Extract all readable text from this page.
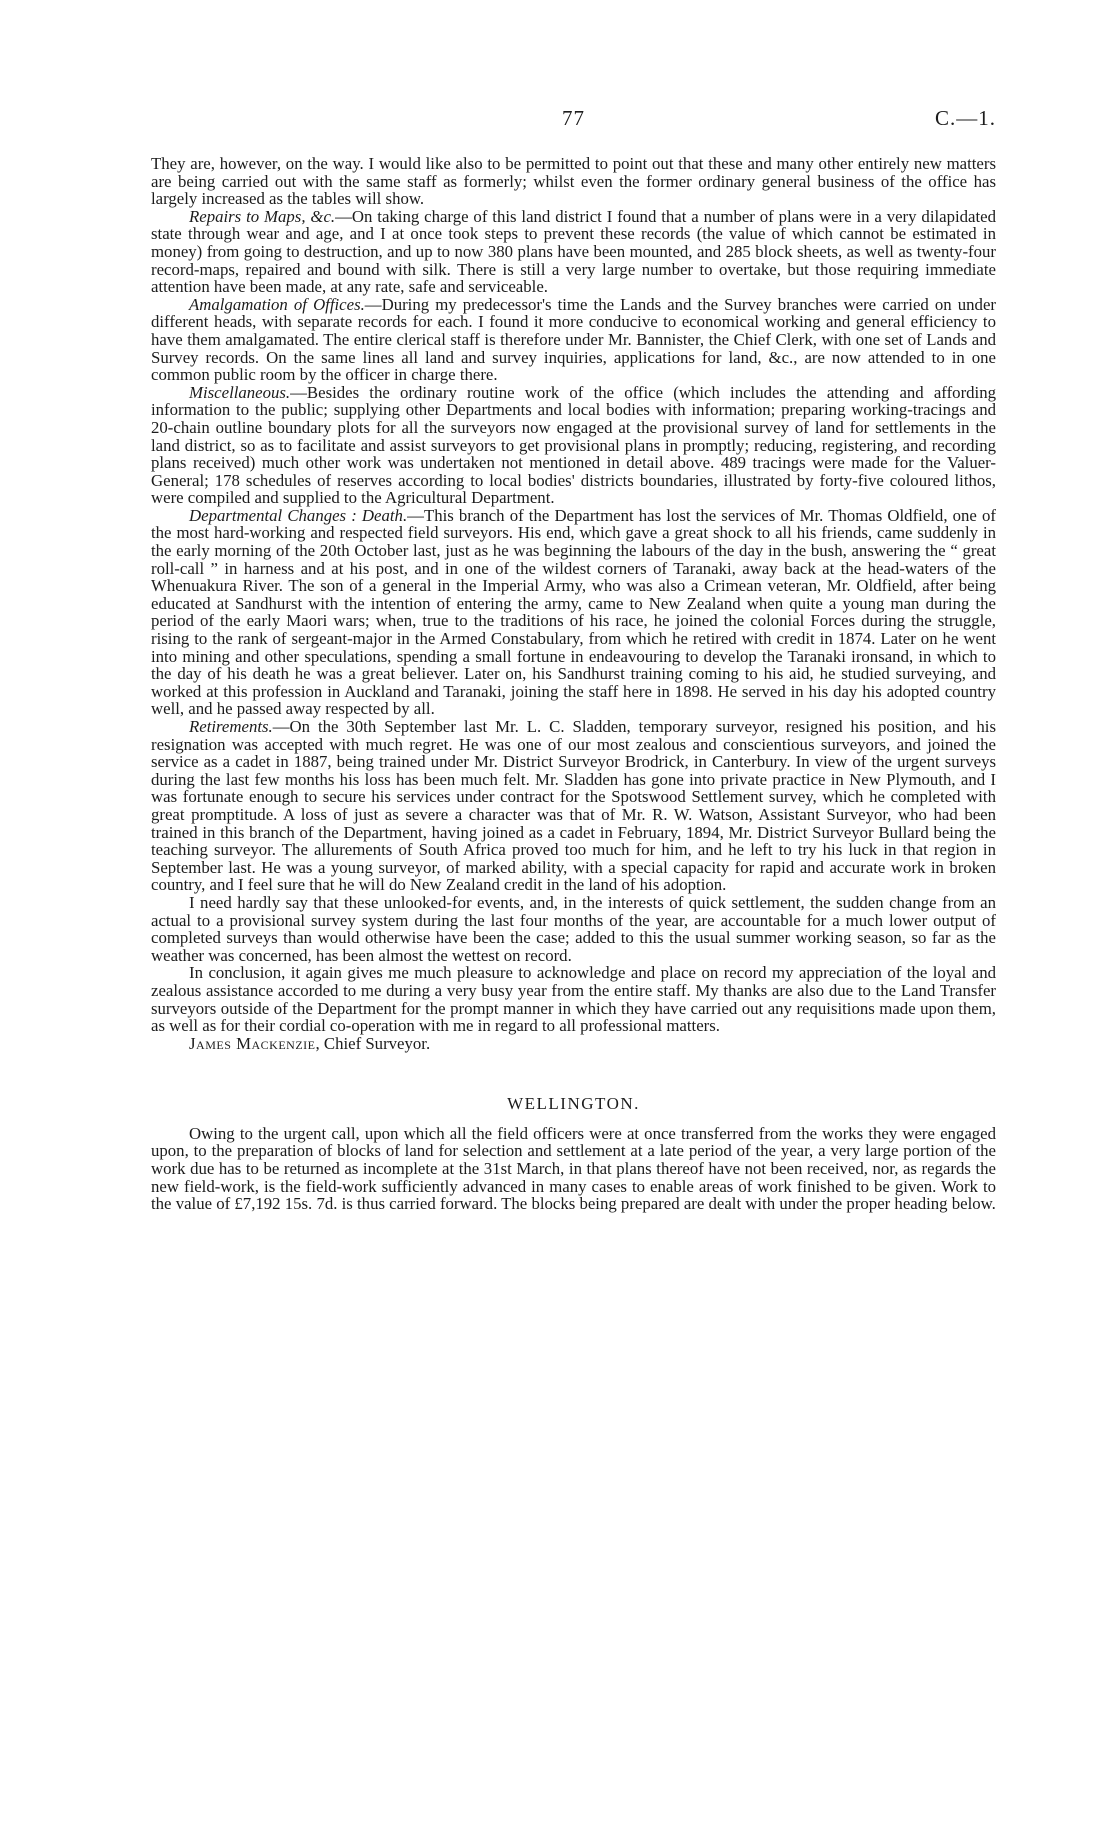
77	C.—1.

They are, however, on the way. I would like also to be permitted to point out that these and many other entirely new matters are being carried out with the same staff as formerly; whilst even the former ordinary general business of the office has largely increased as the tables will show.

Repairs to Maps, &c.—On taking charge of this land district I found that a number of plans were in a very dilapidated state through wear and age, and I at once took steps to prevent these records (the value of which cannot be estimated in money) from going to destruction, and up to now 380 plans have been mounted, and 285 block sheets, as well as twenty-four record-maps, repaired and bound with silk. There is still a very large number to overtake, but those requiring immediate attention have been made, at any rate, safe and serviceable.

Amalgamation of Offices.—During my predecessor's time the Lands and the Survey branches were carried on under different heads, with separate records for each. I found it more conducive to economical working and general efficiency to have them amalgamated. The entire clerical staff is therefore under Mr. Bannister, the Chief Clerk, with one set of Lands and Survey records. On the same lines all land and survey inquiries, applications for land, &c., are now attended to in one common public room by the officer in charge there.

Miscellaneous.—Besides the ordinary routine work of the office (which includes the attending and affording information to the public; supplying other Departments and local bodies with information; preparing working-tracings and 20-chain outline boundary plots for all the surveyors now engaged at the provisional survey of land for settlements in the land district, so as to facilitate and assist surveyors to get provisional plans in promptly; reducing, registering, and recording plans received) much other work was undertaken not mentioned in detail above. 489 tracings were made for the Valuer-General; 178 schedules of reserves according to local bodies' districts boundaries, illustrated by forty-five coloured lithos, were compiled and supplied to the Agricultural Department.

Departmental Changes : Death.—This branch of the Department has lost the services of Mr. Thomas Oldfield, one of the most hard-working and respected field surveyors. His end, which gave a great shock to all his friends, came suddenly in the early morning of the 20th October last, just as he was beginning the labours of the day in the bush, answering the “ great roll-call ” in harness and at his post, and in one of the wildest corners of Taranaki, away back at the head-waters of the Whenuakura River. The son of a general in the Imperial Army, who was also a Crimean veteran, Mr. Oldfield, after being educated at Sandhurst with the intention of entering the army, came to New Zealand when quite a young man during the period of the early Maori wars; when, true to the traditions of his race, he joined the colonial Forces during the struggle, rising to the rank of sergeant-major in the Armed Constabulary, from which he retired with credit in 1874. Later on he went into mining and other speculations, spending a small fortune in endeavouring to develop the Taranaki ironsand, in which to the day of his death he was a great believer. Later on, his Sandhurst training coming to his aid, he studied surveying, and worked at this profession in Auckland and Taranaki, joining the staff here in 1898. He served in his day his adopted country well, and he passed away respected by all.

Retirements.—On the 30th September last Mr. L. C. Sladden, temporary surveyor, resigned his position, and his resignation was accepted with much regret. He was one of our most zealous and conscientious surveyors, and joined the service as a cadet in 1887, being trained under Mr. District Surveyor Brodrick, in Canterbury. In view of the urgent surveys during the last few months his loss has been much felt. Mr. Sladden has gone into private practice in New Plymouth, and I was fortunate enough to secure his services under contract for the Spotswood Settlement survey, which he completed with great promptitude. A loss of just as severe a character was that of Mr. R. W. Watson, Assistant Surveyor, who had been trained in this branch of the Department, having joined as a cadet in February, 1894, Mr. District Surveyor Bullard being the teaching surveyor. The allurements of South Africa proved too much for him, and he left to try his luck in that region in September last. He was a young surveyor, of marked ability, with a special capacity for rapid and accurate work in broken country, and I feel sure that he will do New Zealand credit in the land of his adoption.

I need hardly say that these unlooked-for events, and, in the interests of quick settlement, the sudden change from an actual to a provisional survey system during the last four months of the year, are accountable for a much lower output of completed surveys than would otherwise have been the case; added to this the usual summer working season, so far as the weather was concerned, has been almost the wettest on record.

In conclusion, it again gives me much pleasure to acknowledge and place on record my appreciation of the loyal and zealous assistance accorded to me during a very busy year from the entire staff. My thanks are also due to the Land Transfer surveyors outside of the Department for the prompt manner in which they have carried out any requisitions made upon them, as well as for their cordial co-operation with me in regard to all professional matters.

James Mackenzie, Chief Surveyor.

WELLINGTON.

Owing to the urgent call, upon which all the field officers were at once transferred from the works they were engaged upon, to the preparation of blocks of land for selection and settlement at a late period of the year, a very large portion of the work due has to be returned as incomplete at the 31st March, in that plans thereof have not been received, nor, as regards the new field-work, is the field-work sufficiently advanced in many cases to enable areas of work finished to be given. Work to the value of £7,192 15s. 7d. is thus carried forward. The blocks being prepared are dealt with under the proper heading below.
